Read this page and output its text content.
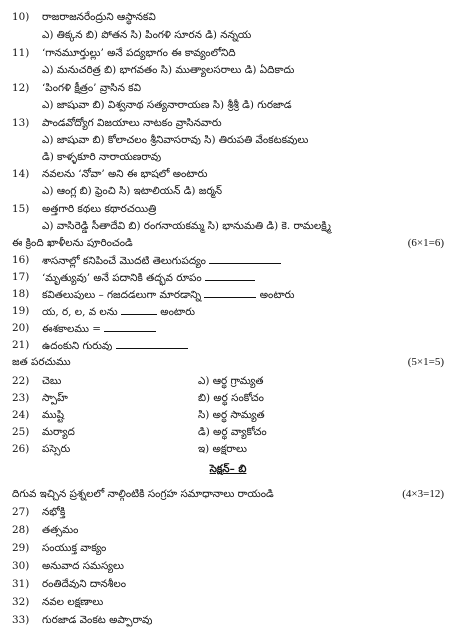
10) రాజరాజనరేంద్రుని ఆస్థానకవి
ఎ) తిక్కన బి) పోతన సి) పింగళి సూరన డి) నన్నయ
11) ‘గానమూర్తుల్లు’ అనే పద్యభాగం ఈ కావ్యంలోనిది
ఎ) మనుచరిత్ర బి) భాగవతం సి) ముత్యాలసరాలు డి) ఏదికాదు
12) ‘పింగళి క్షీత్రం’ వ్రాసిన కవి
ఎ) జాషువా బి) విశ్వనాథ సత్యనారాయణ సి) శ్రీశ్రీ డి) గురజాడ
13) పాండవోద్యోగ విజయాలు నాటకం వ్రాసినవారు
ఎ) జాషువా బి) కోలాచలం శ్రీనివాసరావు సి) తిరుపతి వేంకటకవులు
డి) కాళ్ళకూరి నారాయణరావు
14) నవలను ‘నోవా’ అని ఈ భాషలో అంటారు
ఎ) ఆంగ్ల బి) ఫ్రెంచి సి) ఇటాలియన్ డి) జర్మన్
15) అత్తగారి కథలు కథారచయిత్రి
ఎ) వాసిరెడ్డి సీతాదేవి బి) రంగనాయకమ్మ సి) భానుమతి డి) కె. రామలక్ష్మి
ఈ క్రింది ఖాళీలను పూరించండి	(6×1=6)
16) శాసనాల్లో కనిపించే మొదటి తెలుగుపద్యం
17) ‘మృత్యువు’ అనే పదానికి తద్భవ రూపం
18) కవితలుపులు – గజదడలుగా మారడాన్ని	అంటారు
19) య, ర, ల, వ లను	అంటారు
20) ఈశకాలము =
21) ఉదంకుని గురువు
జత పరచుము	(5×1=5)
22) చెబు	ఎ) ఆర్థ గ్రామ్యత
23) స్పాహ్	బి) అర్థ సంకోచం
24) ముష్టి	సి) అర్థ సామ్యత
25) మర్యాద	డి) అర్థ వ్యాకోచం
26) పస్సెరు	ఇ) అక్షరాలు
సెక్షన్– బి
దిగువ ఇచ్చిన ప్రశ్నలలో నాల్గింటికి సంగ్రహ సమాధానాలు రాయండి	(4×3=12)
27) నభోక్తి
28) తత్సమం
29) సంయుక్త వాక్యం
30) అనువాద సమస్యలు
31) రంతిదేవుని దానశీలం
32) నవల లక్షణాలు
33) గురజాడ వెంకట అప్పారావు
